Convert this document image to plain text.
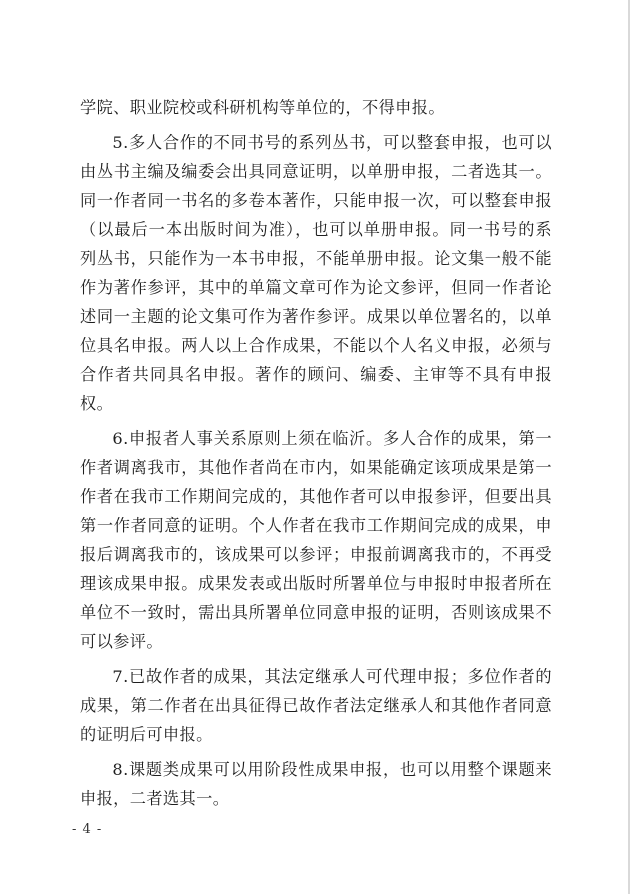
学院、职业院校或科研机构等单位的，不得申报。

5.多人合作的不同书号的系列丛书，可以整套申报，也可以由丛书主编及编委会出具同意证明，以单册申报，二者选其一。同一作者同一书名的多卷本著作，只能申报一次，可以整套申报（以最后一本出版时间为准），也可以单册申报。同一书号的系列丛书，只能作为一本书申报，不能单册申报。论文集一般不能作为著作参评，其中的单篇文章可作为论文参评，但同一作者论述同一主题的论文集可作为著作参评。成果以单位署名的，以单位具名申报。两人以上合作成果，不能以个人名义申报，必须与合作者共同具名申报。著作的顾问、编委、主审等不具有申报权。

6.申报者人事关系原则上须在临沂。多人合作的成果，第一作者调离我市，其他作者尚在市内，如果能确定该项成果是第一作者在我市工作期间完成的，其他作者可以申报参评，但要出具第一作者同意的证明。个人作者在我市工作期间完成的成果，申报后调离我市的，该成果可以参评；申报前调离我市的，不再受理该成果申报。成果发表或出版时所署单位与申报时申报者所在单位不一致时，需出具所署单位同意申报的证明，否则该成果不可以参评。

7.已故作者的成果，其法定继承人可代理申报；多位作者的成果，第二作者在出具征得已故作者法定继承人和其他作者同意的证明后可申报。

8.课题类成果可以用阶段性成果申报，也可以用整个课题来申报，二者选其一。

- 4 -
